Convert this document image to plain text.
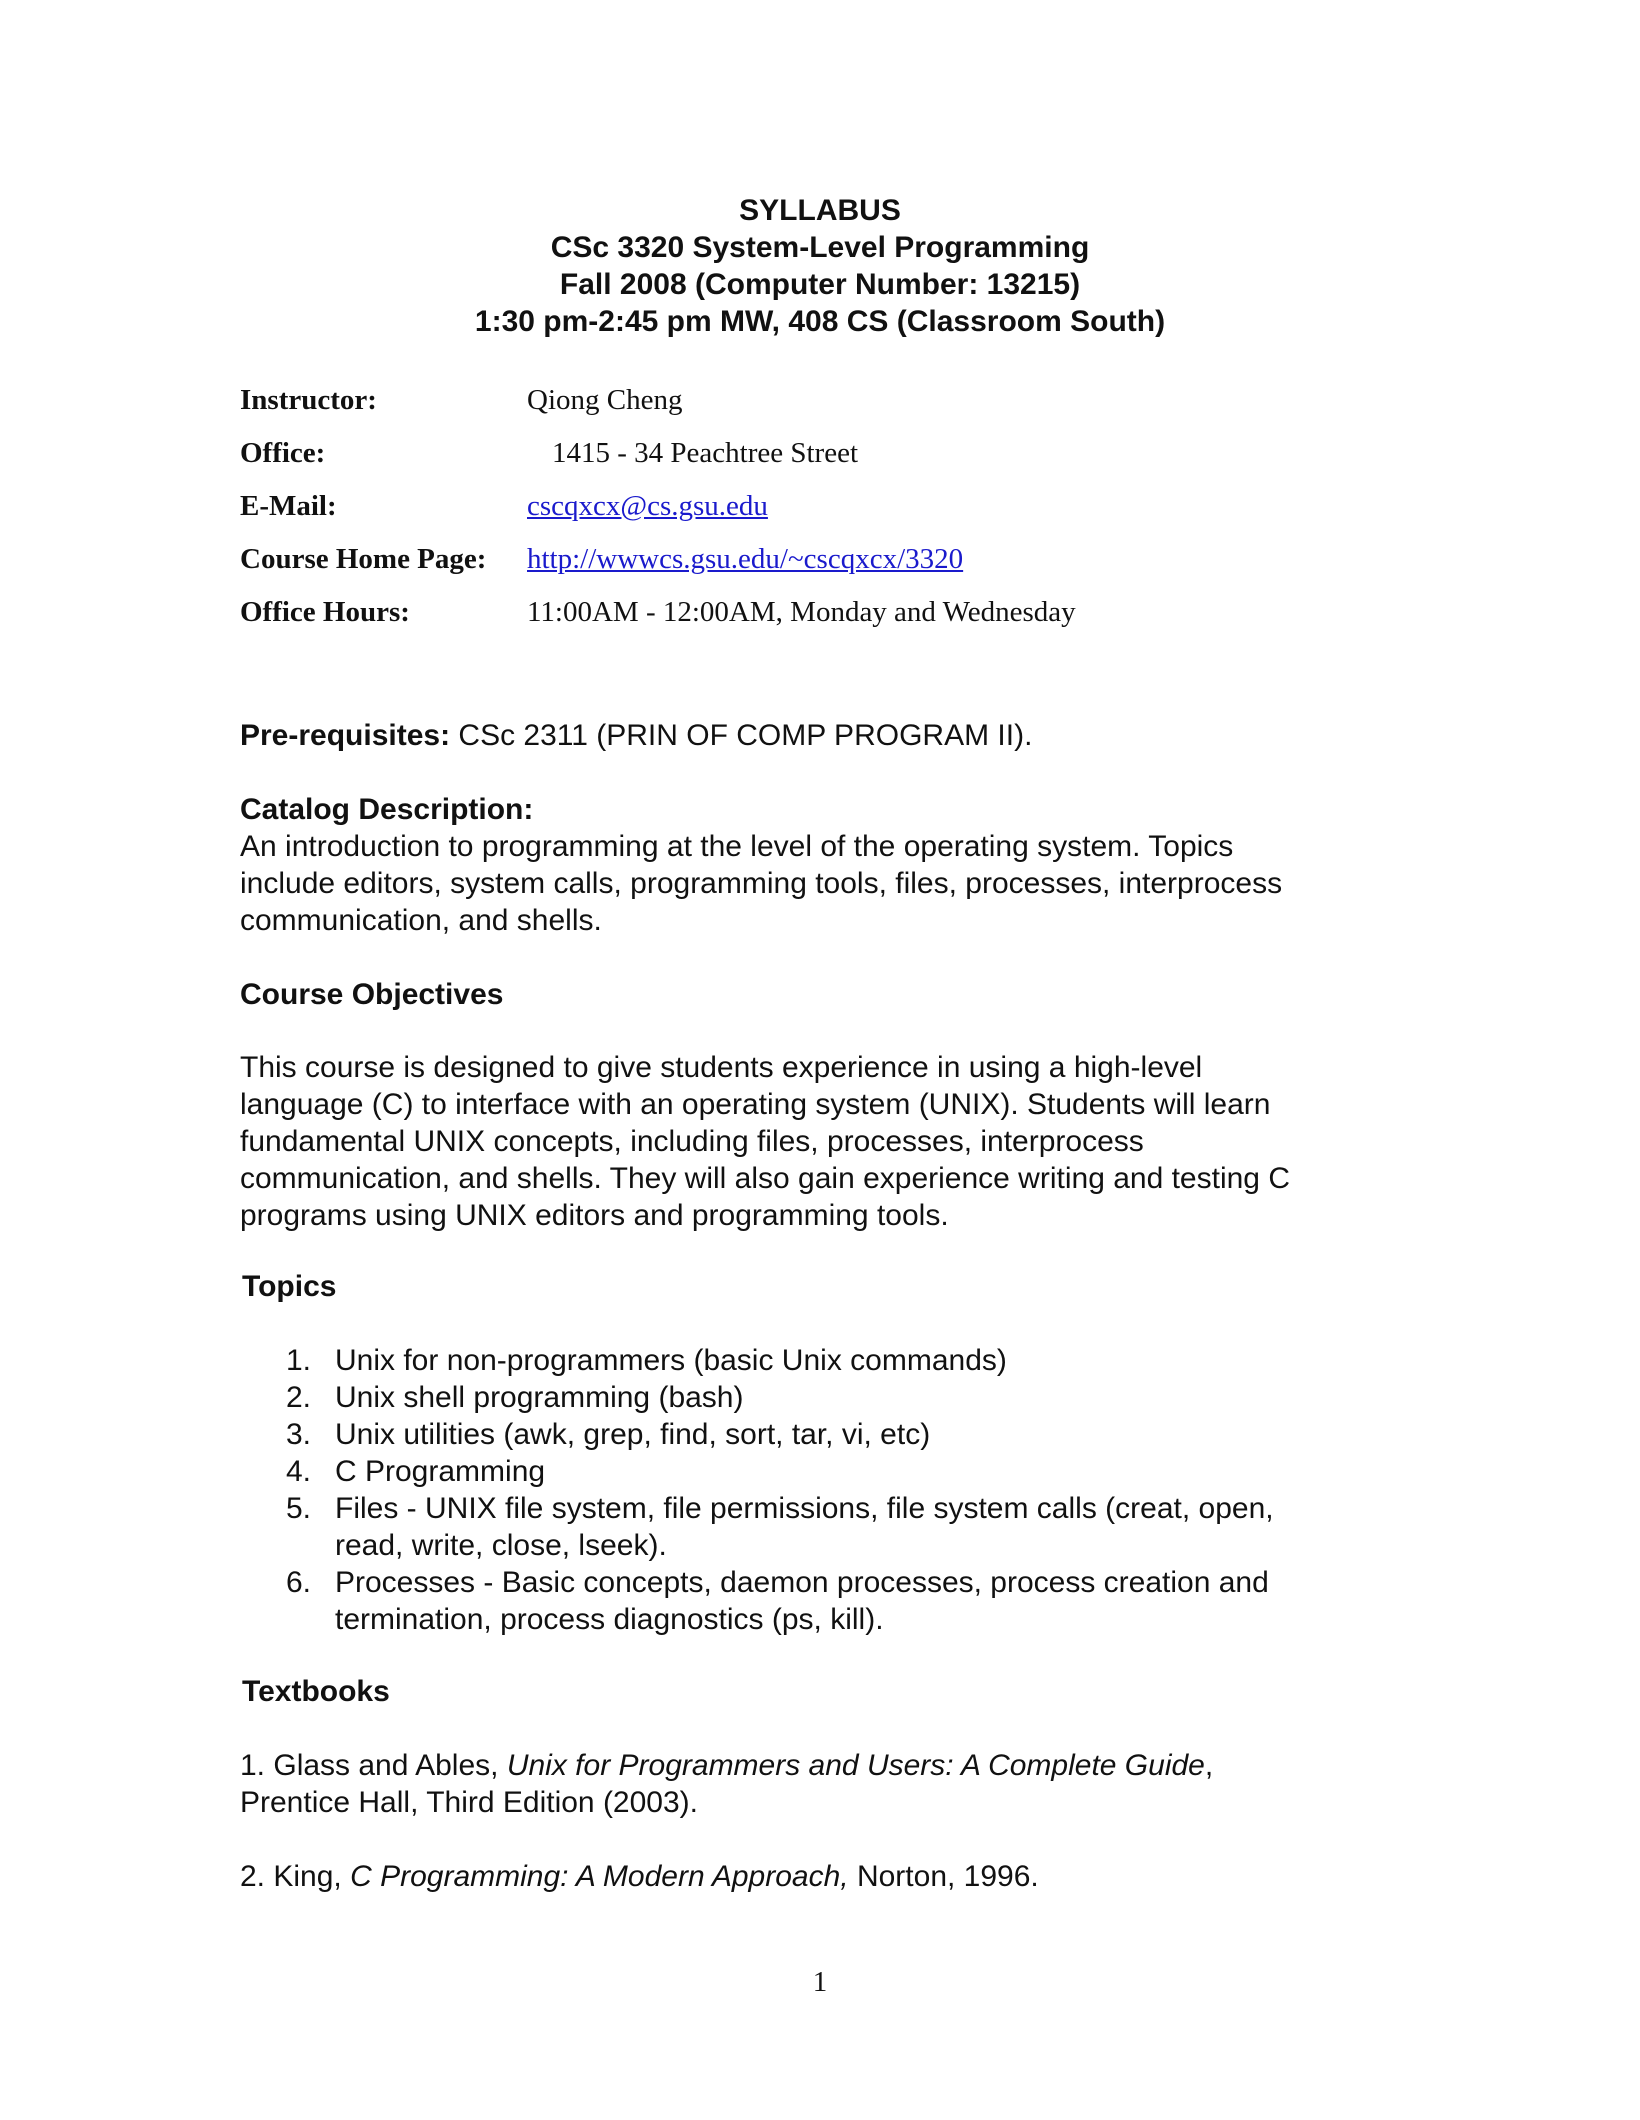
SYLLABUS
CSc 3320 System-Level Programming
Fall 2008 (Computer Number: 13215)
1:30 pm-2:45 pm MW, 408 CS (Classroom South)
Instructor:	Qiong Cheng
Office:	1415 - 34 Peachtree Street
E-Mail:	cscqxcx@cs.gsu.edu
Course Home Page: http://wwwcs.gsu.edu/~cscqxcx/3320
Office Hours:	11:00AM - 12:00AM, Monday and Wednesday
Pre-requisites: CSc 2311 (PRIN OF COMP PROGRAM II).
Catalog Description:
An introduction to programming at the level of the operating system. Topics
include editors, system calls, programming tools, files, processes, interprocess
communication, and shells.
Course Objectives
This course is designed to give students experience in using a high-level
language (C) to interface with an operating system (UNIX). Students will learn
fundamental UNIX concepts, including files, processes, interprocess
communication, and shells. They will also gain experience writing and testing C
programs using UNIX editors and programming tools.
Topics
1. Unix for non-programmers (basic Unix commands)
2. Unix shell programming (bash)
3. Unix utilities (awk, grep, find, sort, tar, vi, etc)
4. C Programming
5. Files - UNIX file system, file permissions, file system calls (creat, open,
read, write, close, lseek).
6. Processes - Basic concepts, daemon processes, process creation and
termination, process diagnostics (ps, kill).
Textbooks
1. Glass and Ables, Unix for Programmers and Users: A Complete Guide,
Prentice Hall, Third Edition (2003).
2. King, C Programming: A Modern Approach, Norton, 1996.
1
